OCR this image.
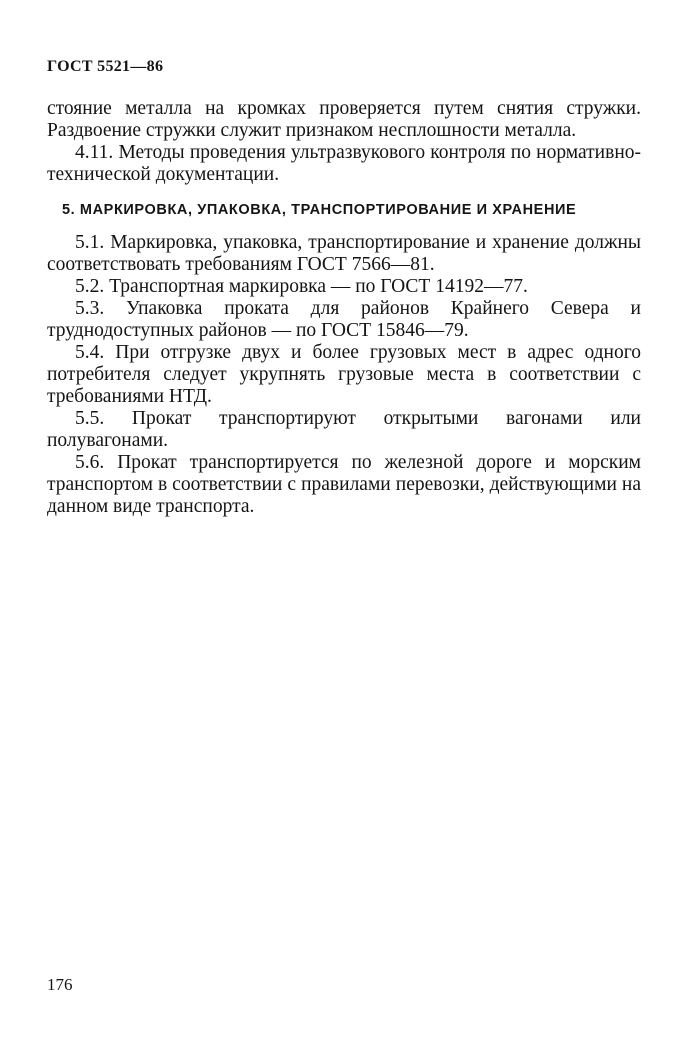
ГОСТ 5521—86

стояние металла на кромках проверяется путем снятия стружки. Раздвоение стружки служит признаком несплошности металла.

4.11. Методы проведения ультразвукового контроля по нормативно-технической документации.

5. МАРКИРОВКА, УПАКОВКА, ТРАНСПОРТИРОВАНИЕ И ХРАНЕНИЕ

5.1. Маркировка, упаковка, транспортирование и хранение должны соответствовать требованиям ГОСТ 7566—81.

5.2. Транспортная маркировка — по ГОСТ 14192—77.

5.3. Упаковка проката для районов Крайнего Севера и труднодоступных районов — по ГОСТ 15846—79.

5.4. При отгрузке двух и более грузовых мест в адрес одного потребителя следует укрупнять грузовые места в соответствии с требованиями НТД.

5.5. Прокат транспортируют открытыми вагонами или полувагонами.

5.6. Прокат транспортируется по железной дороге и морским транспортом в соответствии с правилами перевозки, действующими на данном виде транспорта.

176
